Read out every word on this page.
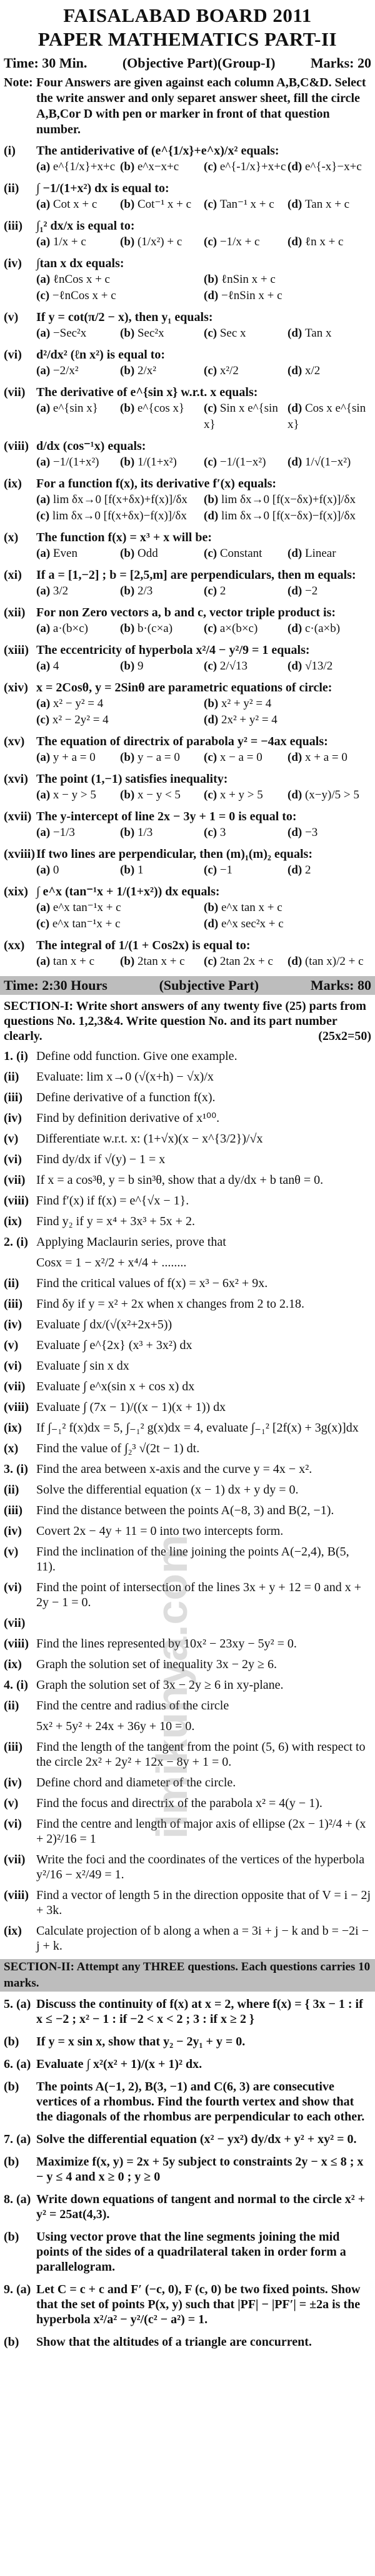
FAISALABAD BOARD 2011
PAPER MATHEMATICS PART-II
Time: 30 Min.	(Objective Part)(Group-I)	Marks: 20
Note: Four Answers are given against each column A,B,C&D. Select the write answer and only separet answer sheet, fill the circle A,B,Cor D with pen or marker in front of that question number.
(i)	The antiderivative of (e^{1/x}+e^x)/x² equals:
(a) e^{1/x}+x+c (b) e^x−x+c	(c) e^{-1/x}+x+c (d) e^{-x}−x+c
(ii)	∫ −1/(1+x²) dx is equal to:
(a) Cot x + c	(b) Cot⁻¹ x + c	(c) Tan⁻¹ x + c	(d) Tan x + c
(iii)	∫₁² dx/x is equal to:
(a) 1/x + c	(b) (1/x²) + c	(c) −1/x + c	(d) ℓn x + c
(iv)	∫tan x dx equals:
(a) ℓnCos x + c	(b) ℓnSin x + c
(c) −ℓnCos x + c	(d) −ℓnSin x + c
(v)	If y = cot(π/2 − x), then y₁ equals:
(a) −Sec²x	(b) Sec²x	(c) Sec x	(d) Tan x
(vi)	d²/dx² (ℓn x²) is equal to:
(a) −2/x²	(b) 2/x²	(c) x²/2	(d) x/2
(vii) The derivative of e^{sin x} w.r.t. x equals:
(a) e^{sin x}	(b) e^{cos x}	(c) Sin x e^{sin x}
(d) Cos x e^{sin x}
(viii) d/dx (cos⁻¹x) equals:
(a) −1/(1+x²)	(b) 1/(1+x²)	(c) −1/(1−x²)	(d) 1/√(1−x²)
(ix)	For a function f(x), its derivative f′(x) equals:
(a) lim δx→0 [f(x+δx)+f(x)]/δx	(b) lim δx→0 [f(x−δx)+f(x)]/δx
(c) lim δx→0 [f(x+δx)−f(x)]/δx	(d) lim δx→0 [f(x−δx)−f(x)]/δx
(x)	The function f(x) = x³ + x will be:
(a) Even	(b) Odd	(c) Constant	(d) Linear
(xi)	If a = [1,−2] ; b = [2,5,m] are perpendiculars, then m equals:
(a) 3/2	(b) 2/3	(c) 2	(d) −2
(xii) For non Zero vectors a, b and c, vector triple product is:
(a) a·(b×c)	(b) b·(c×a)	(c) a×(b×c)	(d) c·(a×b)
(xiii) The eccentricity of hyperbola x²/4 − y²/9 = 1 equals:
(a) 4	(b) 9	(c) 2/√13	(d) √13/2
(xiv) x = 2Cosθ, y = 2Sinθ are parametric equations of circle:
(a) x² − y² = 4	(b) x² + y² = 4
(c) x² − 2y² = 4	(d) 2x² + y² = 4
(xv) The equation of directrix of parabola y² = −4ax equals:
(a) y + a = 0	(b) y − a = 0	(c) x − a = 0	(d) x + a = 0
(xvi) The point (1,−1) satisfies inequality:
(a) x − y > 5	(b) x − y < 5	(c) x + y > 5	(d) (x−y)/5 > 5
(xvii) The y-intercept of line 2x − 3y + 1 = 0 is equal to:
(a) −1/3	(b) 1/3	(c) 3	(d) −3
(xviii) If two lines are perpendicular, then (m)₁(m)₂ equals:
(a) 0	(b) 1	(c) −1	(d) 2
(xix) ∫ e^x (tan⁻¹x + 1/(1+x²)) dx equals:
(a) e^x tan⁻¹x + c	(b) e^x tan x + c
(c) e^x tan⁻¹x + c	(d) e^x sec²x + c
(xx) The integral of 1/(1 + Cos2x) is equal to:
(a) tan x + c	(b) 2tan x + c	(c) 2tan 2x + c	(d) (tan x)/2 + c
Time: 2:30 Hours	(Subjective Part)	Marks: 80
SECTION-I: Write short answers of any twenty five (25) parts from questions No. 1,2,3&4. Write question No. and its part number clearly.	(25x2=50)
1. (i) Define odd function. Give one example.
(ii)	Evaluate: lim x→0 (√(x+h) − √x)/x
(iii)	Define derivative of a function f(x).
(iv)	Find by definition derivative of x¹⁰⁰.
(v)	Differentiate w.r.t. x: (1+√x)(x − x^{3/2})/√x
(vi)	Find dy/dx if √(y) − 1 = x
(vii) If x = a cos³θ, y = b sin³θ, show that a dy/dx + b tanθ = 0.
(viii) Find f′(x) if f(x) = e^{√x − 1}.
(ix)	Find y₂ if y = x⁴ + 3x³ + 5x + 2.
2. (i) Applying Maclaurin series, prove that
Cosx = 1 − x²/2 + x⁴/4 + ........
(ii)	Find the critical values of f(x) = x³ − 6x² + 9x.
(iii)	Find δy if y = x² + 2x when x changes from 2 to 2.18.
(iv)	Evaluate ∫ dx/(√(x²+2x+5))
(v)	Evaluate ∫ e^{2x} (x³ + 3x²) dx
(vi)	Evaluate ∫ sin x dx
(vii) Evaluate ∫ e^x(sin x + cos x) dx
(viii) Evaluate ∫ (7x − 1)/((x − 1)(x + 1)) dx
(ix)	If ∫₋₁² f(x)dx = 5, ∫₋₁² g(x)dx = 4, evaluate ∫₋₁² [2f(x) + 3g(x)]dx
(x)	Find the value of ∫₂³ √(2t − 1) dt.
3. (i) Find the area between x-axis and the curve y = 4x − x².
(ii)	Solve the differential equation (x − 1) dx + y dy = 0.
(iii)	Find the distance between the points A(−8, 3) and B(2, −1).
(iv)	Covert 2x − 4y + 11 = 0 into two intercepts form.
(v)	Find the inclination of the line joining the points A(−2,4), B(5, 11).
(vi)	Find the point of intersection of the lines 3x + y + 12 = 0 and x + 2y − 1 = 0.
(vii)
(viii) Find the lines represented by 10x² − 23xy − 5y² = 0.
(ix)	Graph the solution set of inequality 3x − 2y ≥ 6.
4. (i) Graph the solution set of 3x − 2y ≥ 6 in xy-plane.
(ii)	Find the centre and radius of the circle
5x² + 5y² + 24x + 36y + 10 = 0.
(iii)	Find the length of the tangent from the point (5, 6) with respect to the circle 2x² + 2y² + 12x − 8y + 1 = 0.
(iv)	Define chord and diameter of the circle.
(v)	Find the focus and directrix of the parabola x² = 4(y − 1).
(vi)	Find the centre and length of major axis of ellipse (2x − 1)²/4 + (x + 2)²/16 = 1
(vii) Write the foci and the coordinates of the vertices of the hyperbola y²/16 − x²/49 = 1.
(viii) Find a vector of length 5 in the direction opposite that of V = i − 2j + 3k.
(ix)	Calculate projection of b along a when a = 3i + j − k and b = −2i − j + k.
SECTION-II: Attempt any THREE questions. Each questions carries 10 marks.
5. (a) Discuss the continuity of f(x) at x = 2, where f(x) = { 3x − 1 : if x ≤ −2 ; x² − 1 : if −2 < x < 2 ; 3 : if x ≥ 2 }
(b)	If y = x sin x, show that y₂ − 2y₁ + y = 0.
6. (a) Evaluate ∫ x²(x² + 1)/(x + 1)² dx.
(b)	The points A(−1, 2), B(3, −1) and C(6, 3) are consecutive vertices of a rhombus. Find the fourth vertex and show that the diagonals of the rhombus are perpendicular to each other.
7. (a) Solve the differential equation (x² − yx²) dy/dx + y² + xy² = 0.
(b)	Maximize f(x, y) = 2x + 5y subject to constraints 2y − x ≤ 8 ; x − y ≤ 4 and x ≥ 0 ; y ≥ 0
8. (a) Write down equations of tangent and normal to the circle x² + y² = 25at(4,3).
(b)	Using vector prove that the line segments joining the mid points of the sides of a quadrilateral taken in order form a parallelogram.
9. (a) Let C = c + c and F′ (−c, 0), F (c, 0) be two fixed points. Show that the set of points P(x, y) such that |PF| − |PF′| = ±2a is the hyperbola x²/a² − y²/(c² − a²) = 1.
(b)	Show that the altitudes of a triangle are concurrent.
ilmikunya.com
